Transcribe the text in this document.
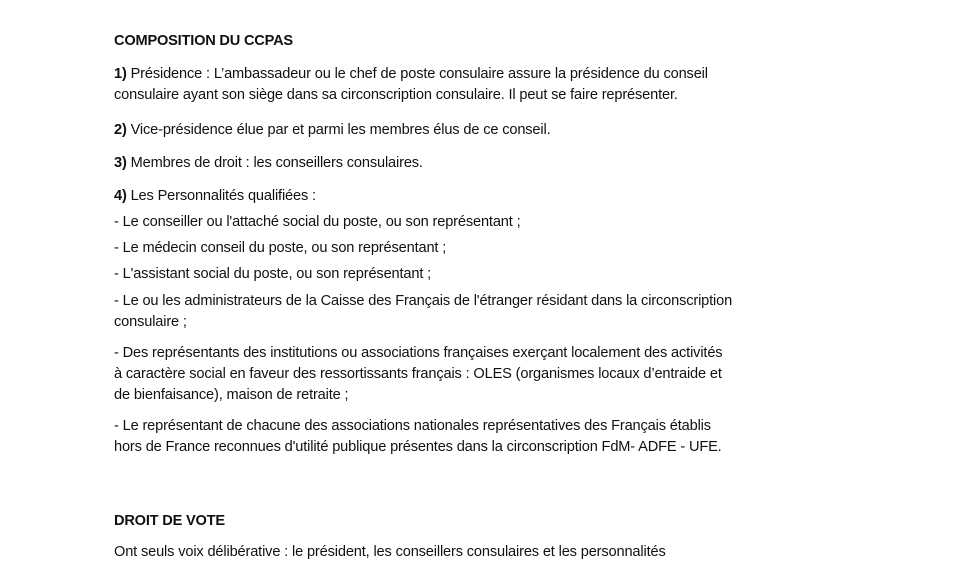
COMPOSITION DU CCPAS
1) Présidence : L’ambassadeur ou le chef de poste consulaire assure la présidence du conseil
consulaire ayant son siège dans sa circonscription consulaire. Il peut se faire représenter.
2) Vice-présidence élue par et parmi les membres élus de ce conseil.
3) Membres de droit : les conseillers consulaires.
4) Les Personnalités qualifiées :
- Le conseiller ou l'attaché social du poste, ou son représentant ;
- Le médecin conseil du poste, ou son représentant ;
- L'assistant social du poste, ou son représentant ;
- Le ou les administrateurs de la Caisse des Français de l'étranger résidant dans la circonscription
consulaire ;
- Des représentants des institutions ou associations françaises exerçant localement des activités
à caractère social en faveur des ressortissants français : OLES (organismes locaux d’entraide et
de bienfaisance), maison de retraite ;
- Le représentant de chacune des associations nationales représentatives des Français établis
hors de France reconnues d'utilité publique présentes dans la circonscription FdM- ADFE - UFE.
DROIT DE VOTE
Ont seuls voix délibérative : le président, les conseillers consulaires et les personnalités
